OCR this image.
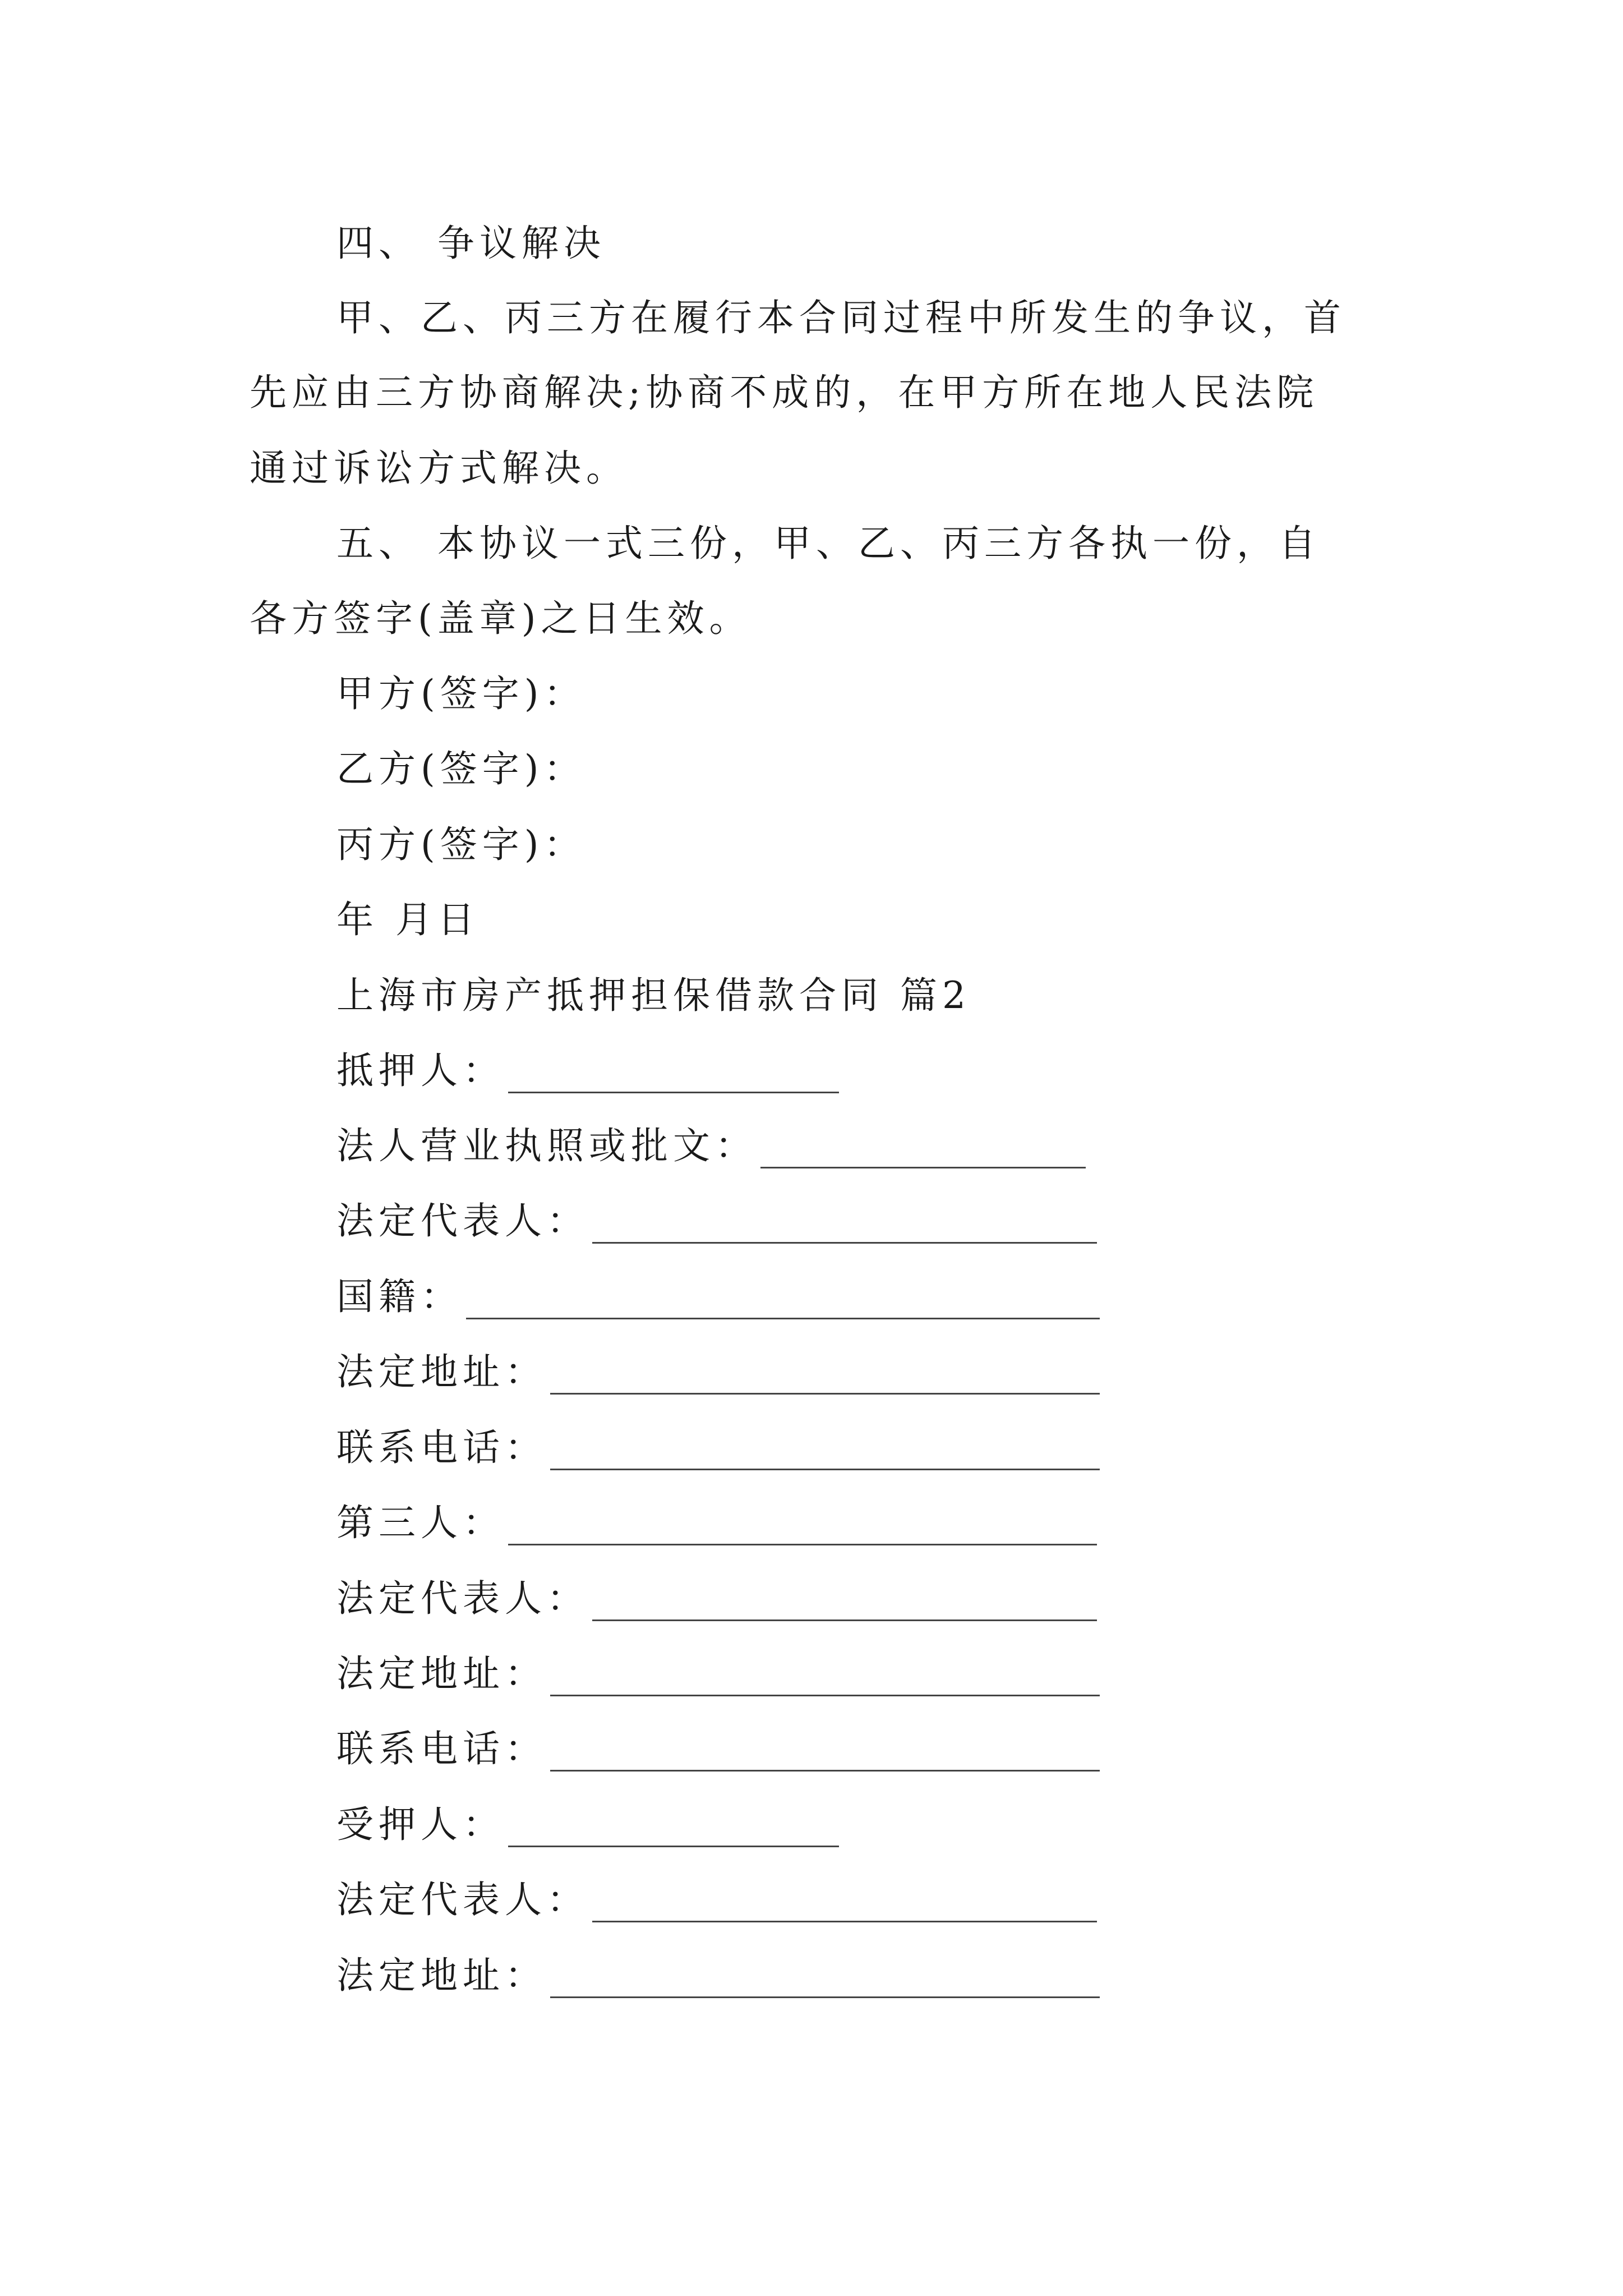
四、 争议解决
甲、乙、丙三方在履行本合同过程中所发生的争议，首
先应由三方协商解决;协商不成的，在甲方所在地人民法院
通过诉讼方式解决。
五、 本协议一式三份，甲、乙、丙三方各执一份，自
各方签字(盖章)之日生效。
甲方(签字)：
乙方(签字)：
丙方(签字)：
年 月日
上海市房产抵押担保借款合同 篇2
抵押人：
法人营业执照或批文：
法定代表人：
国籍：
法定地址：
联系电话：
第三人：
法定代表人：
法定地址：
联系电话：
受押人：
法定代表人：
法定地址：
